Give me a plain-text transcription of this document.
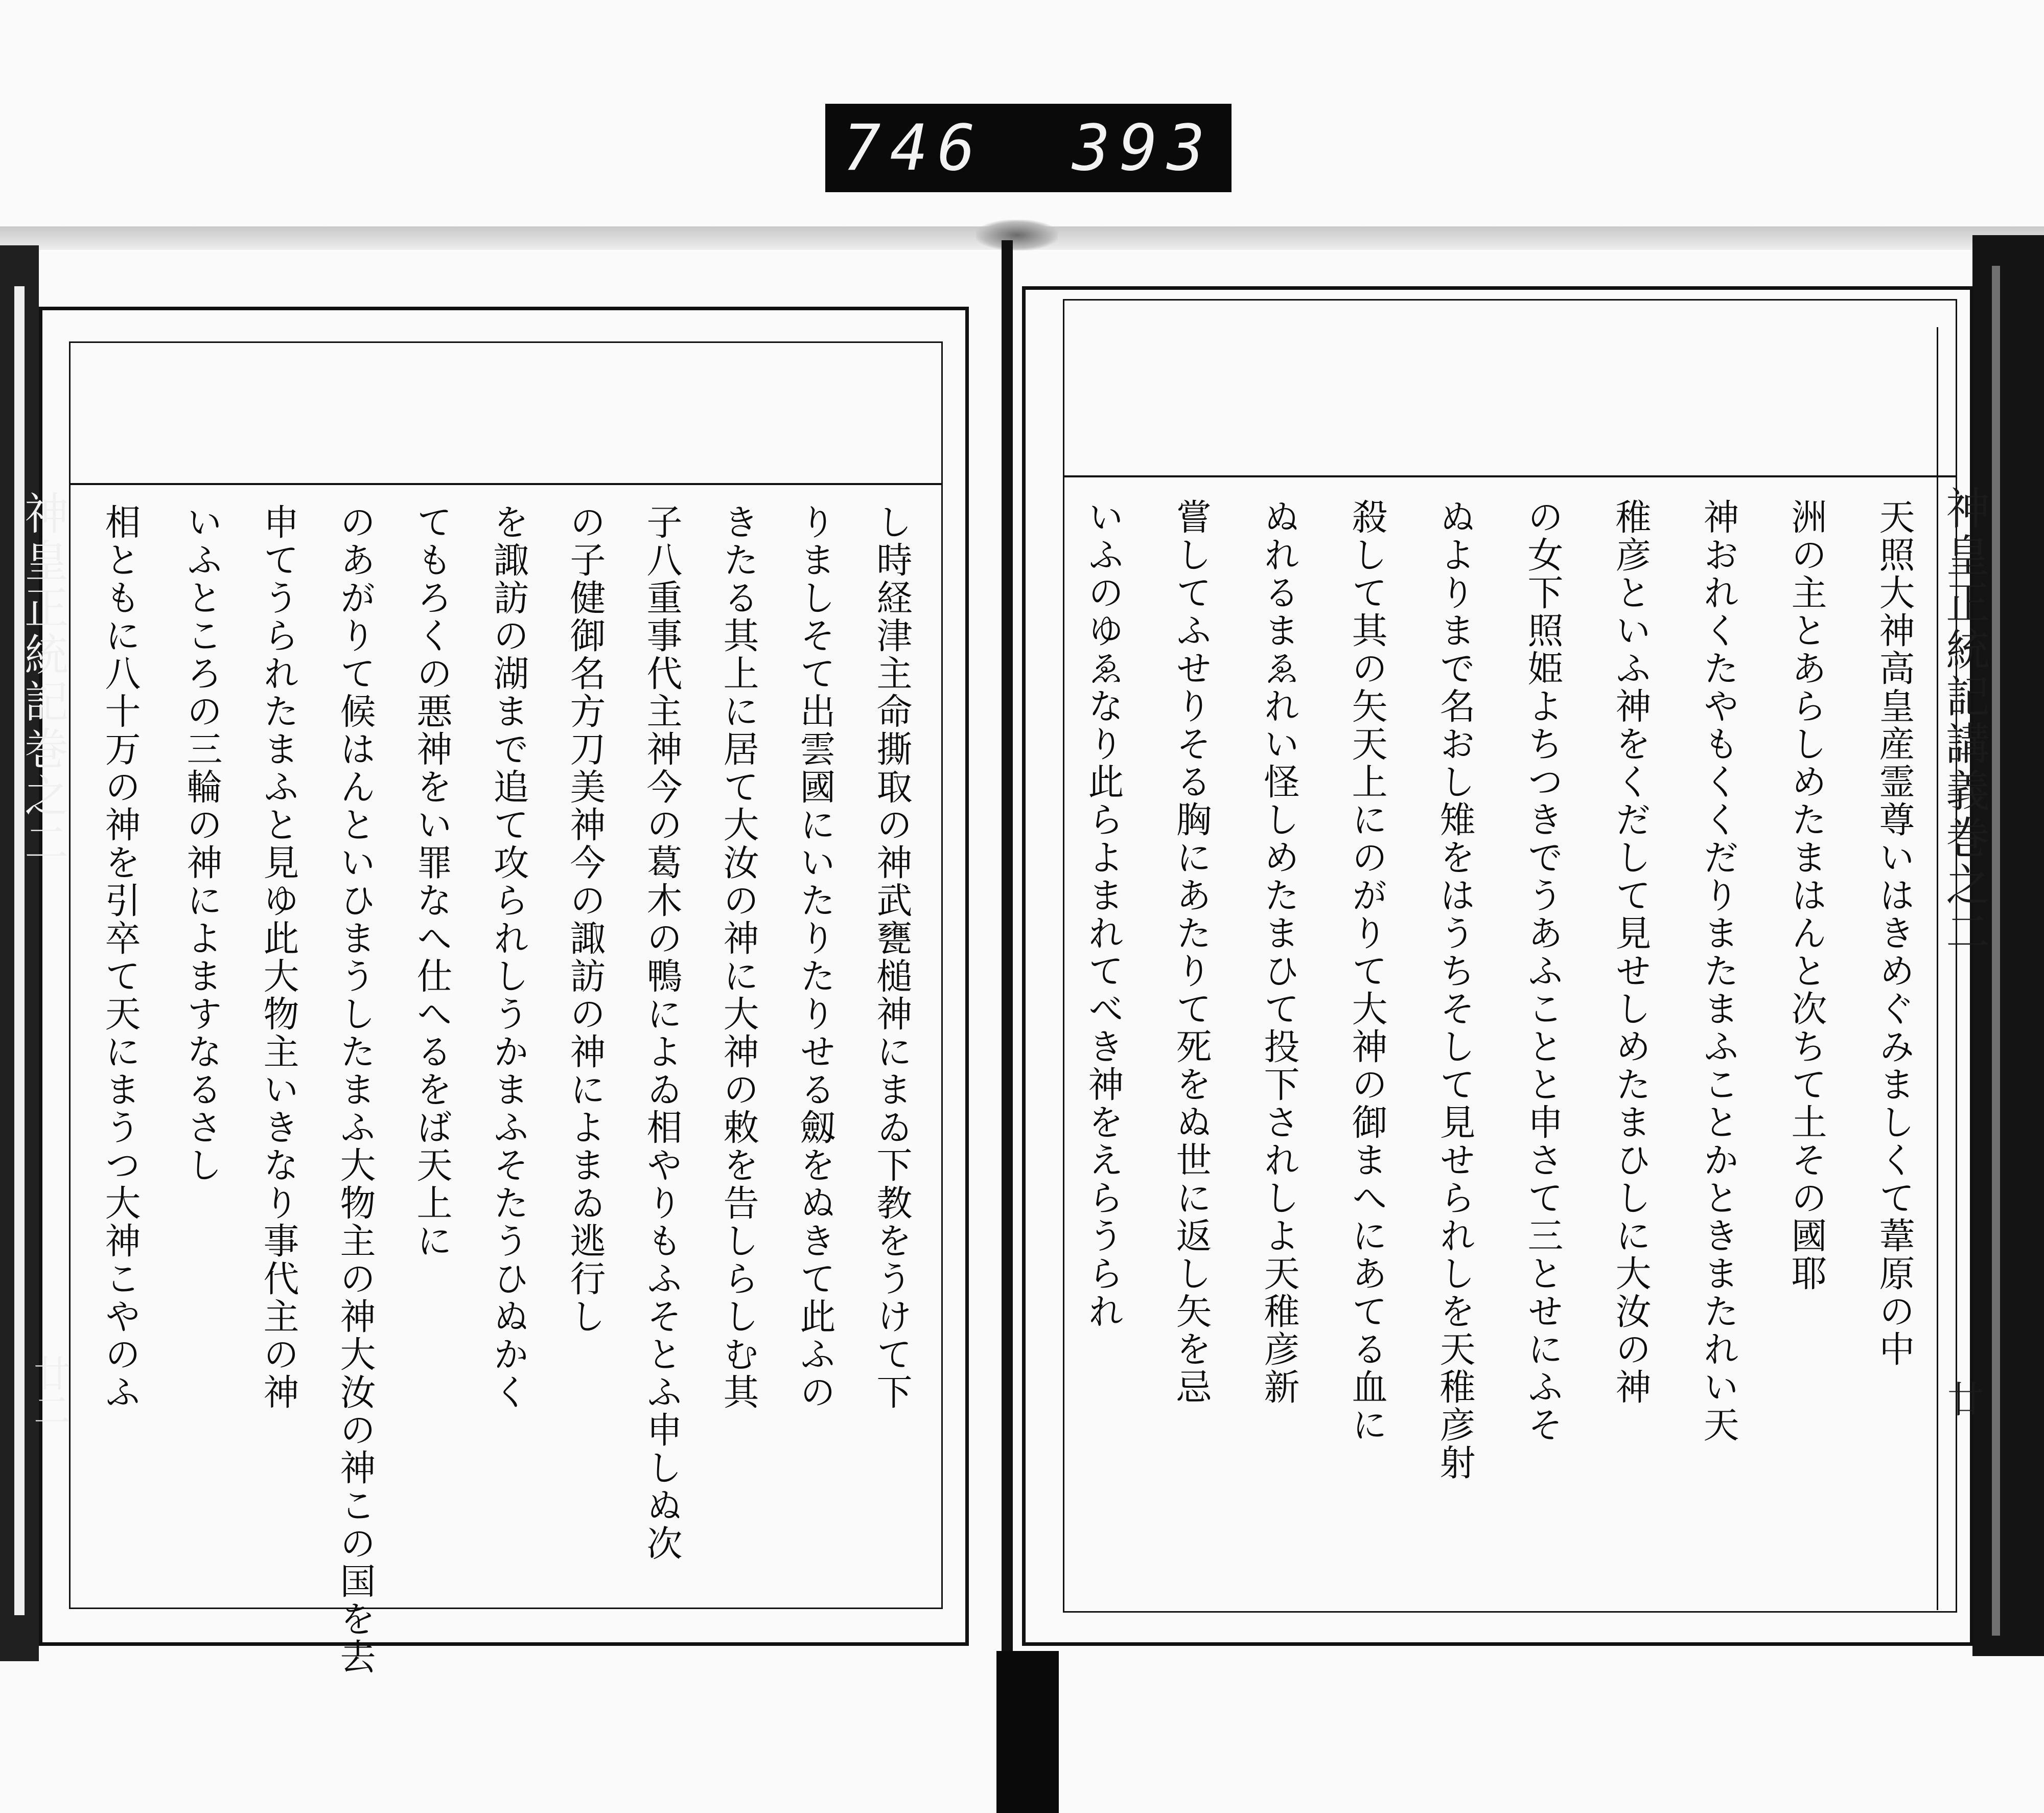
746 393
神皇正統記講義巻之二
廿
天照大神高皇産霊尊いはきめぐみましくて葦原の中
洲の主とあらしめたまはんと次ちて土その國耶
神おれくたやもくくだりまたまふことかときまたれい天
稚彦といふ神をくだして見せしめたまひしに大汝の神
の女下照姫よちつきでうあふことと申さて三とせにふそ
ぬよりまで名おし雉をはうちそして見せられしを天稚彦射
殺して其の矢天上にのがりて大神の御まへにあてる血に
ぬれるまゑれい怪しめたまひて投下されしよ天稚彦新
嘗してふせりそる胸にあたりて死をぬ世に返し矢を忌
いふのゆゑなり此らよまれてべき神をえらうられ
神皇正統記巻之二
廿二	し時経津主命撕取の神武甕槌神にまゐ下教をうけて下
りましそて出雲國にいたりたりせる劔をぬきて此ふの
きたる其上に居て大汝の神に大神の敕を告しらしむ其
子八重事代主神今の葛木の鴨によゐ相やりもふそとふ申しぬ次
の子健御名方刀美神今の諏訪の神によまゐ逃行し
を諏訪の湖まで追て攻られしうかまふそたうひぬかく
てもろくの悪神をい罪なへ仕へるをば天上に
のあがりて候はんといひまうしたまふ大物主の神大汝の神この国を去
申てうられたまふと見ゆ此大物主いきなり事代主の神
いふところの三輪の神によますなるさし
相ともに八十万の神を引卒て天にまうつ大神こやのふ
